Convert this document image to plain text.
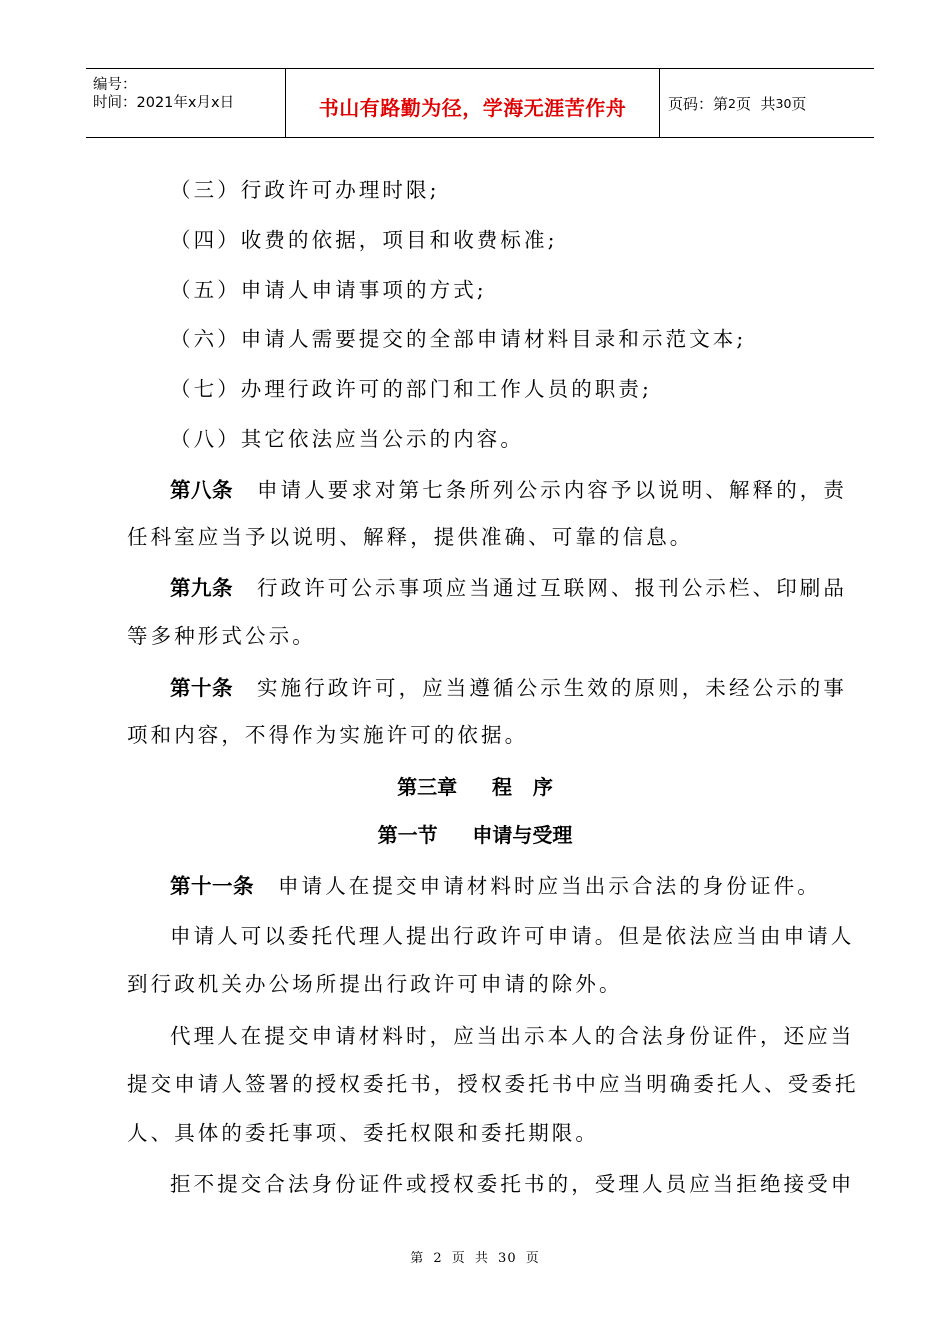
编号：
时间：2021年x月x日	书山有路勤为径，学海无涯苦作舟	页码：第 2 页  共 30 页
（三）行政许可办理时限;
（四）收费的依据，项目和收费标准;
（五）申请人申请事项的方式;
（六）申请人需要提交的全部申请材料目录和示范文本;
（七）办理行政许可的部门和工作人员的职责;
（八）其它依法应当公示的内容。
第八条 申请人要求对第七条所列公示内容予以说明、解释的，责
任科室应当予以说明、解释，提供准确、可靠的信息。
第九条 行政许可公示事项应当通过互联网、报刊公示栏、印刷品
等多种形式公示。
第十条 实施行政许可，应当遵循公示生效的原则，未经公示的事
项和内容，不得作为实施许可的依据。
第三章     程   序
第一节     申请与受理
第十一条 申请人在提交申请材料时应当出示合法的身份证件。
申请人可以委托代理人提出行政许可申请。但是依法应当由申请人
到行政机关办公场所提出行政许可申请的除外。
代理人在提交申请材料时，应当出示本人的合法身份证件，还应当
提交申请人签署的授权委托书，授权委托书中应当明确委托人、受委托
人、具体的委托事项、委托权限和委托期限。
拒不提交合法身份证件或授权委托书的，受理人员应当拒绝接受申
第 2 页 共 30 页
